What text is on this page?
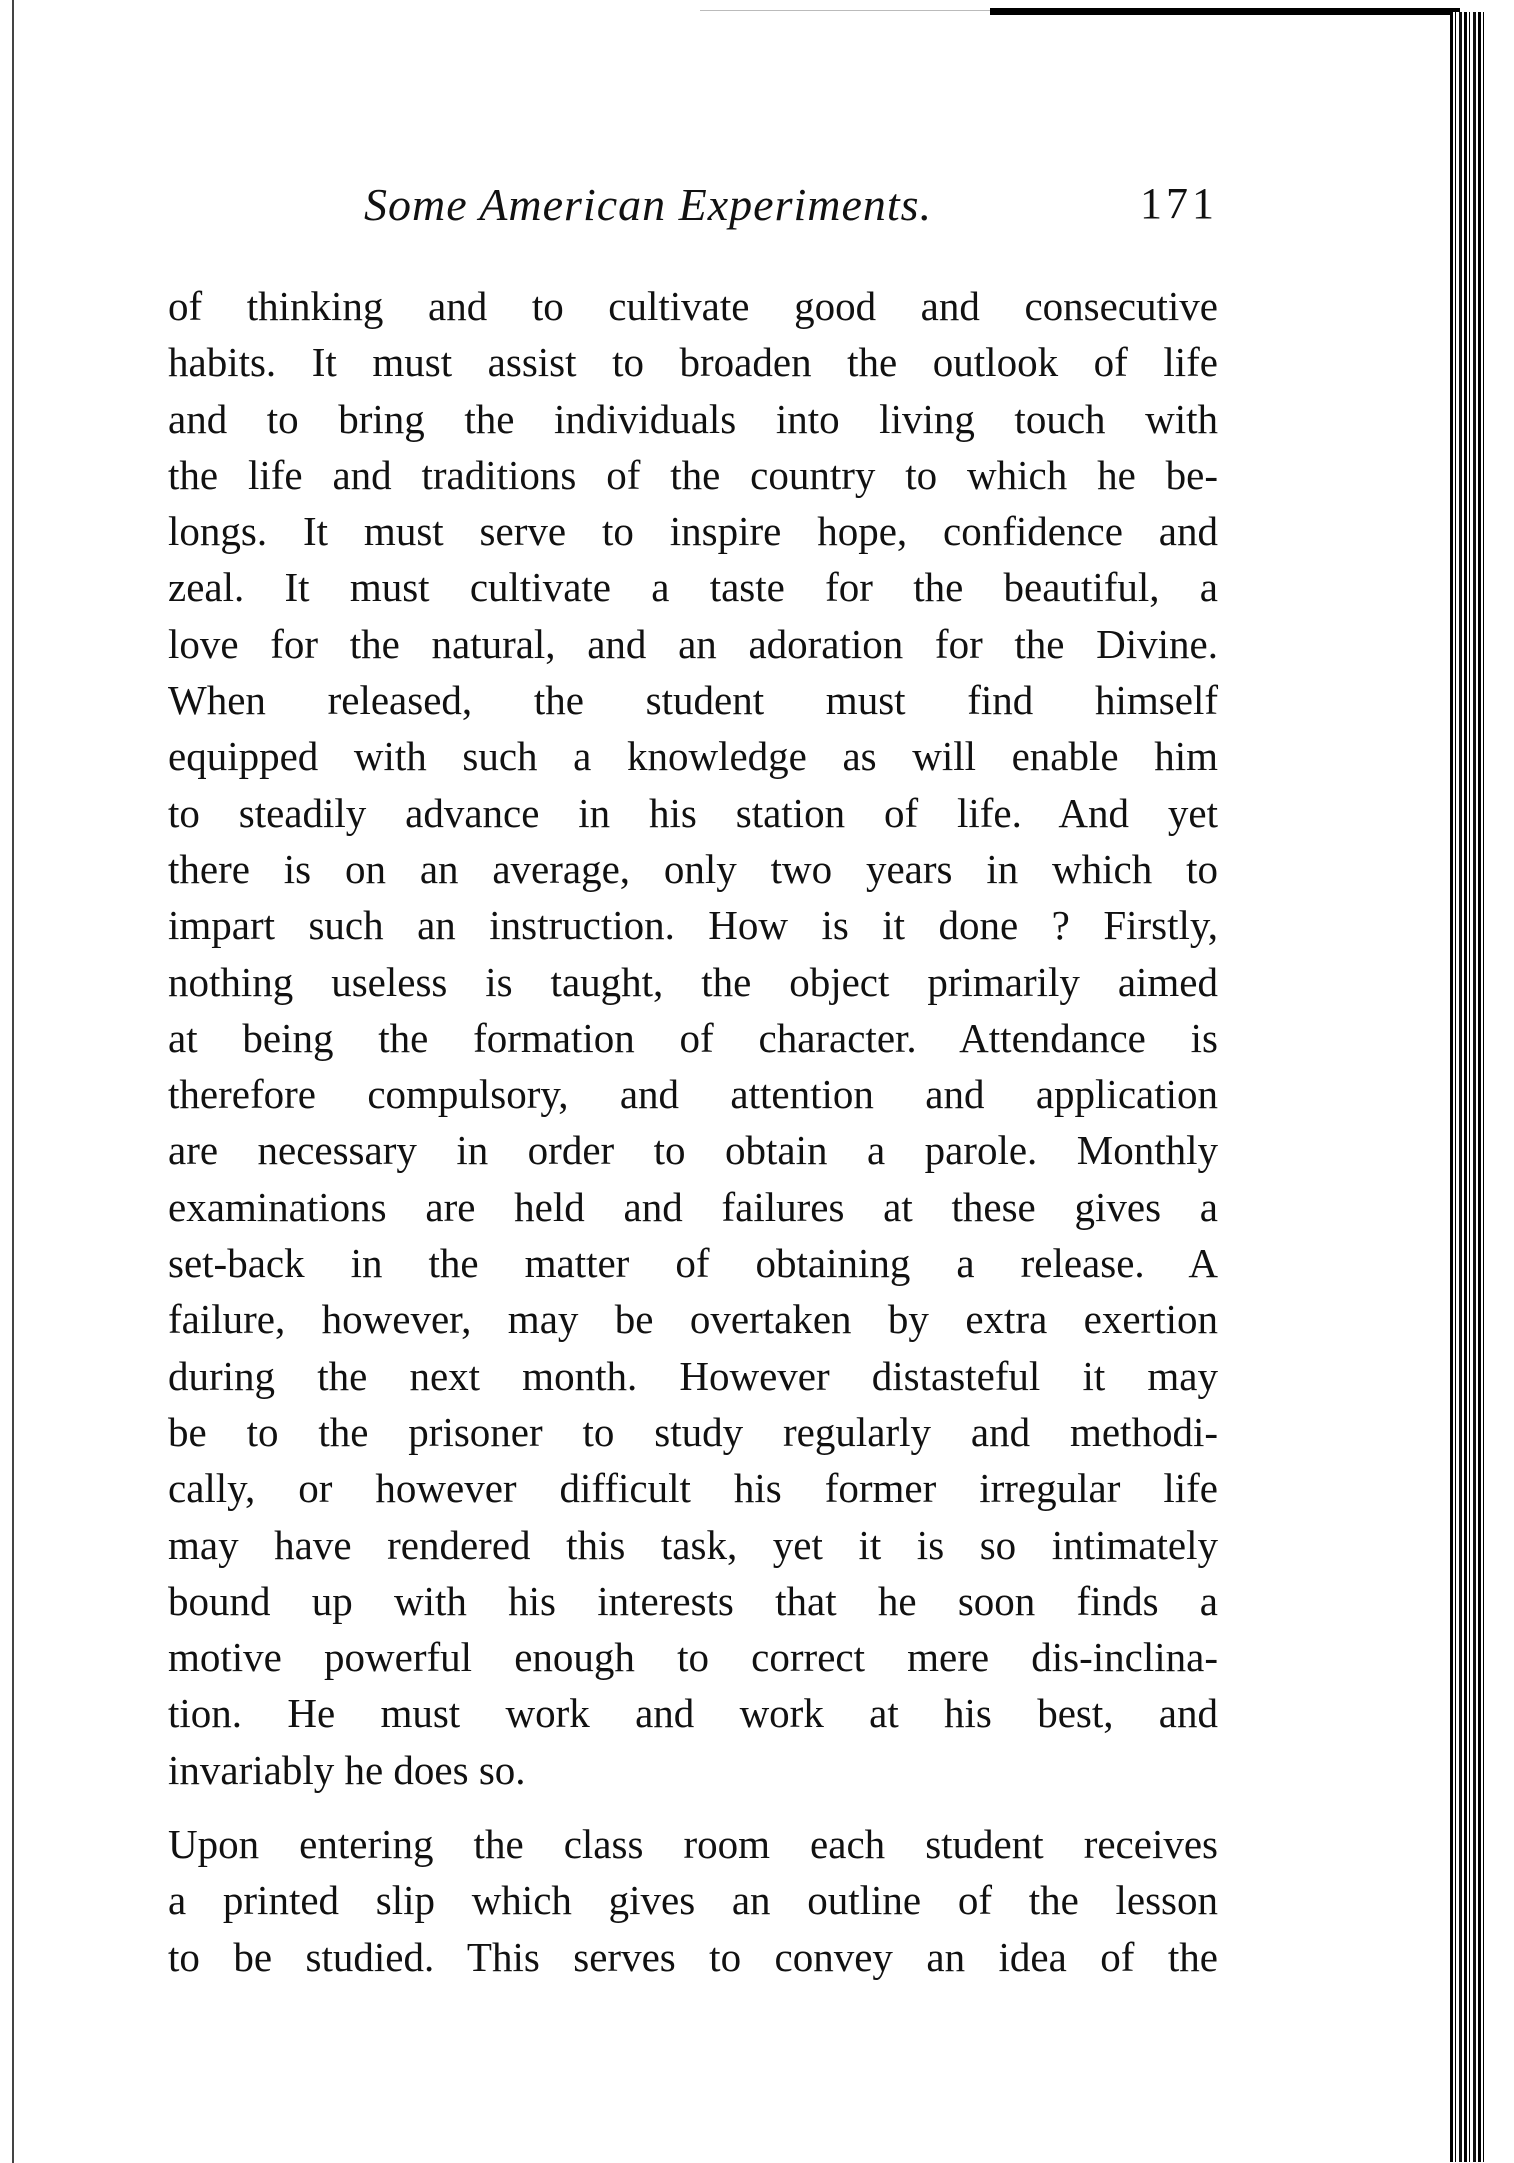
Some American Experiments.	171
of thinking and to cultivate good and consecutive
habits. It must assist to broaden the outlook of life
and to bring the individuals into living touch with
the life and traditions of the country to which he be-
longs. It must serve to inspire hope, confidence and
zeal. It must cultivate a taste for the beautiful, a
love for the natural, and an adoration for the Divine.
When released, the student must find himself
equipped with such a knowledge as will enable him
to steadily advance in his station of life. And yet
there is on an average, only two years in which to
impart such an instruction. How is it done ? Firstly,
nothing useless is taught, the object primarily aimed
at being the formation of character. Attendance is
therefore compulsory, and attention and application
are necessary in order to obtain a parole. Monthly
examinations are held and failures at these gives a
set-back in the matter of obtaining a release. A
failure, however, may be overtaken by extra exertion
during the next month. However distasteful it may
be to the prisoner to study regularly and methodi-
cally, or however difficult his former irregular life
may have rendered this task, yet it is so intimately
bound up with his interests that he soon finds a
motive powerful enough to correct mere dis-inclina-
tion. He must work and work at his best, and
invariably he does so.
Upon entering the class room each student receives
a printed slip which gives an outline of the lesson
to be studied. This serves to convey an idea of the
